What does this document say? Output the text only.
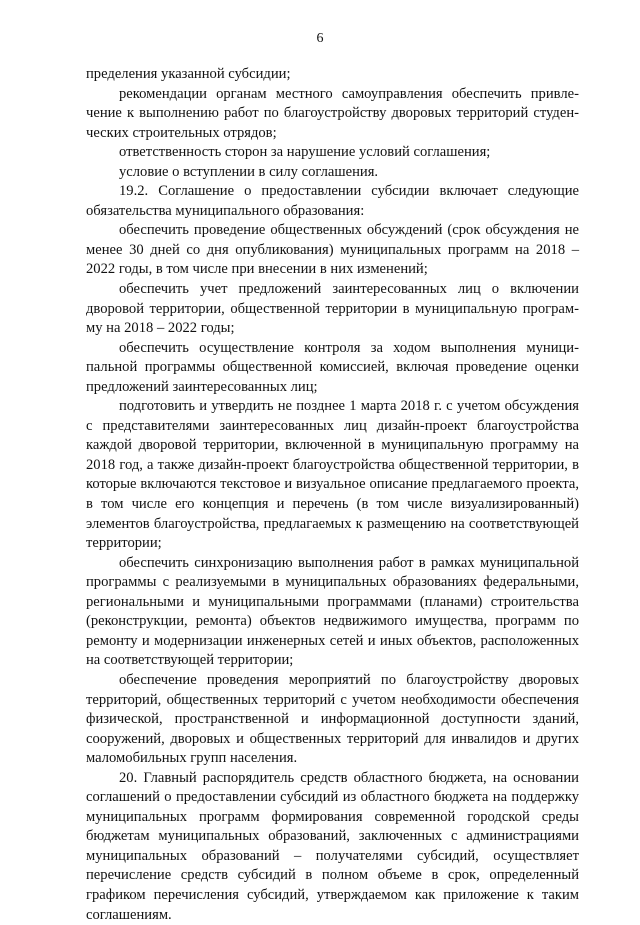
6

пределения указанной субсидии;

рекомендации органам местного самоуправления обеспечить привлечение к выполнению работ по благоустройству дворовых территорий студенческих строительных отрядов;

ответственность сторон за нарушение условий соглашения;

условие о вступлении в силу соглашения.

19.2. Соглашение о предоставлении субсидии включает следующие обязательства муниципального образования:

обеспечить проведение общественных обсуждений (срок обсуждения не менее 30 дней со дня опубликования) муниципальных программ на 2018 – 2022 годы, в том числе при внесении в них изменений;

обеспечить учет предложений заинтересованных лиц о включении дворовой территории, общественной территории в муниципальную программу на 2018 – 2022 годы;

обеспечить осуществление контроля за ходом выполнения муниципальной программы общественной комиссией, включая проведение оценки предложений заинтересованных лиц;

подготовить и утвердить не позднее 1 марта 2018 г. с учетом обсуждения с представителями заинтересованных лиц дизайн-проект благоустройства каждой дворовой территории, включенной в муниципальную программу на 2018 год, а также дизайн-проект благоустройства общественной территории, в которые включаются текстовое и визуальное описание предлагаемого проекта, в том числе его концепция и перечень (в том числе визуализированный) элементов благоустройства, предлагаемых к размещению на соответствующей территории;

обеспечить синхронизацию выполнения работ в рамках муниципальной программы с реализуемыми в муниципальных образованиях федеральными, региональными и муниципальными программами (планами) строительства (реконструкции, ремонта) объектов недвижимого имущества, программ по ремонту и модернизации инженерных сетей и иных объектов, расположенных на соответствующей территории;

обеспечение проведения мероприятий по благоустройству дворовых территорий, общественных территорий с учетом необходимости обеспечения физической, пространственной и информационной доступности зданий, сооружений, дворовых и общественных территорий для инвалидов и других маломобильных групп населения.

20. Главный распорядитель средств областного бюджета, на основании соглашений о предоставлении субсидий из областного бюджета на поддержку муниципальных программ формирования современной городской среды бюджетам муниципальных образований, заключенных с администрациями муниципальных образований – получателями субсидий, осуществляет перечисление средств субсидий в полном объеме в срок, определенный графиком перечисления субсидий, утверждаемом как приложение к таким соглашениям.
